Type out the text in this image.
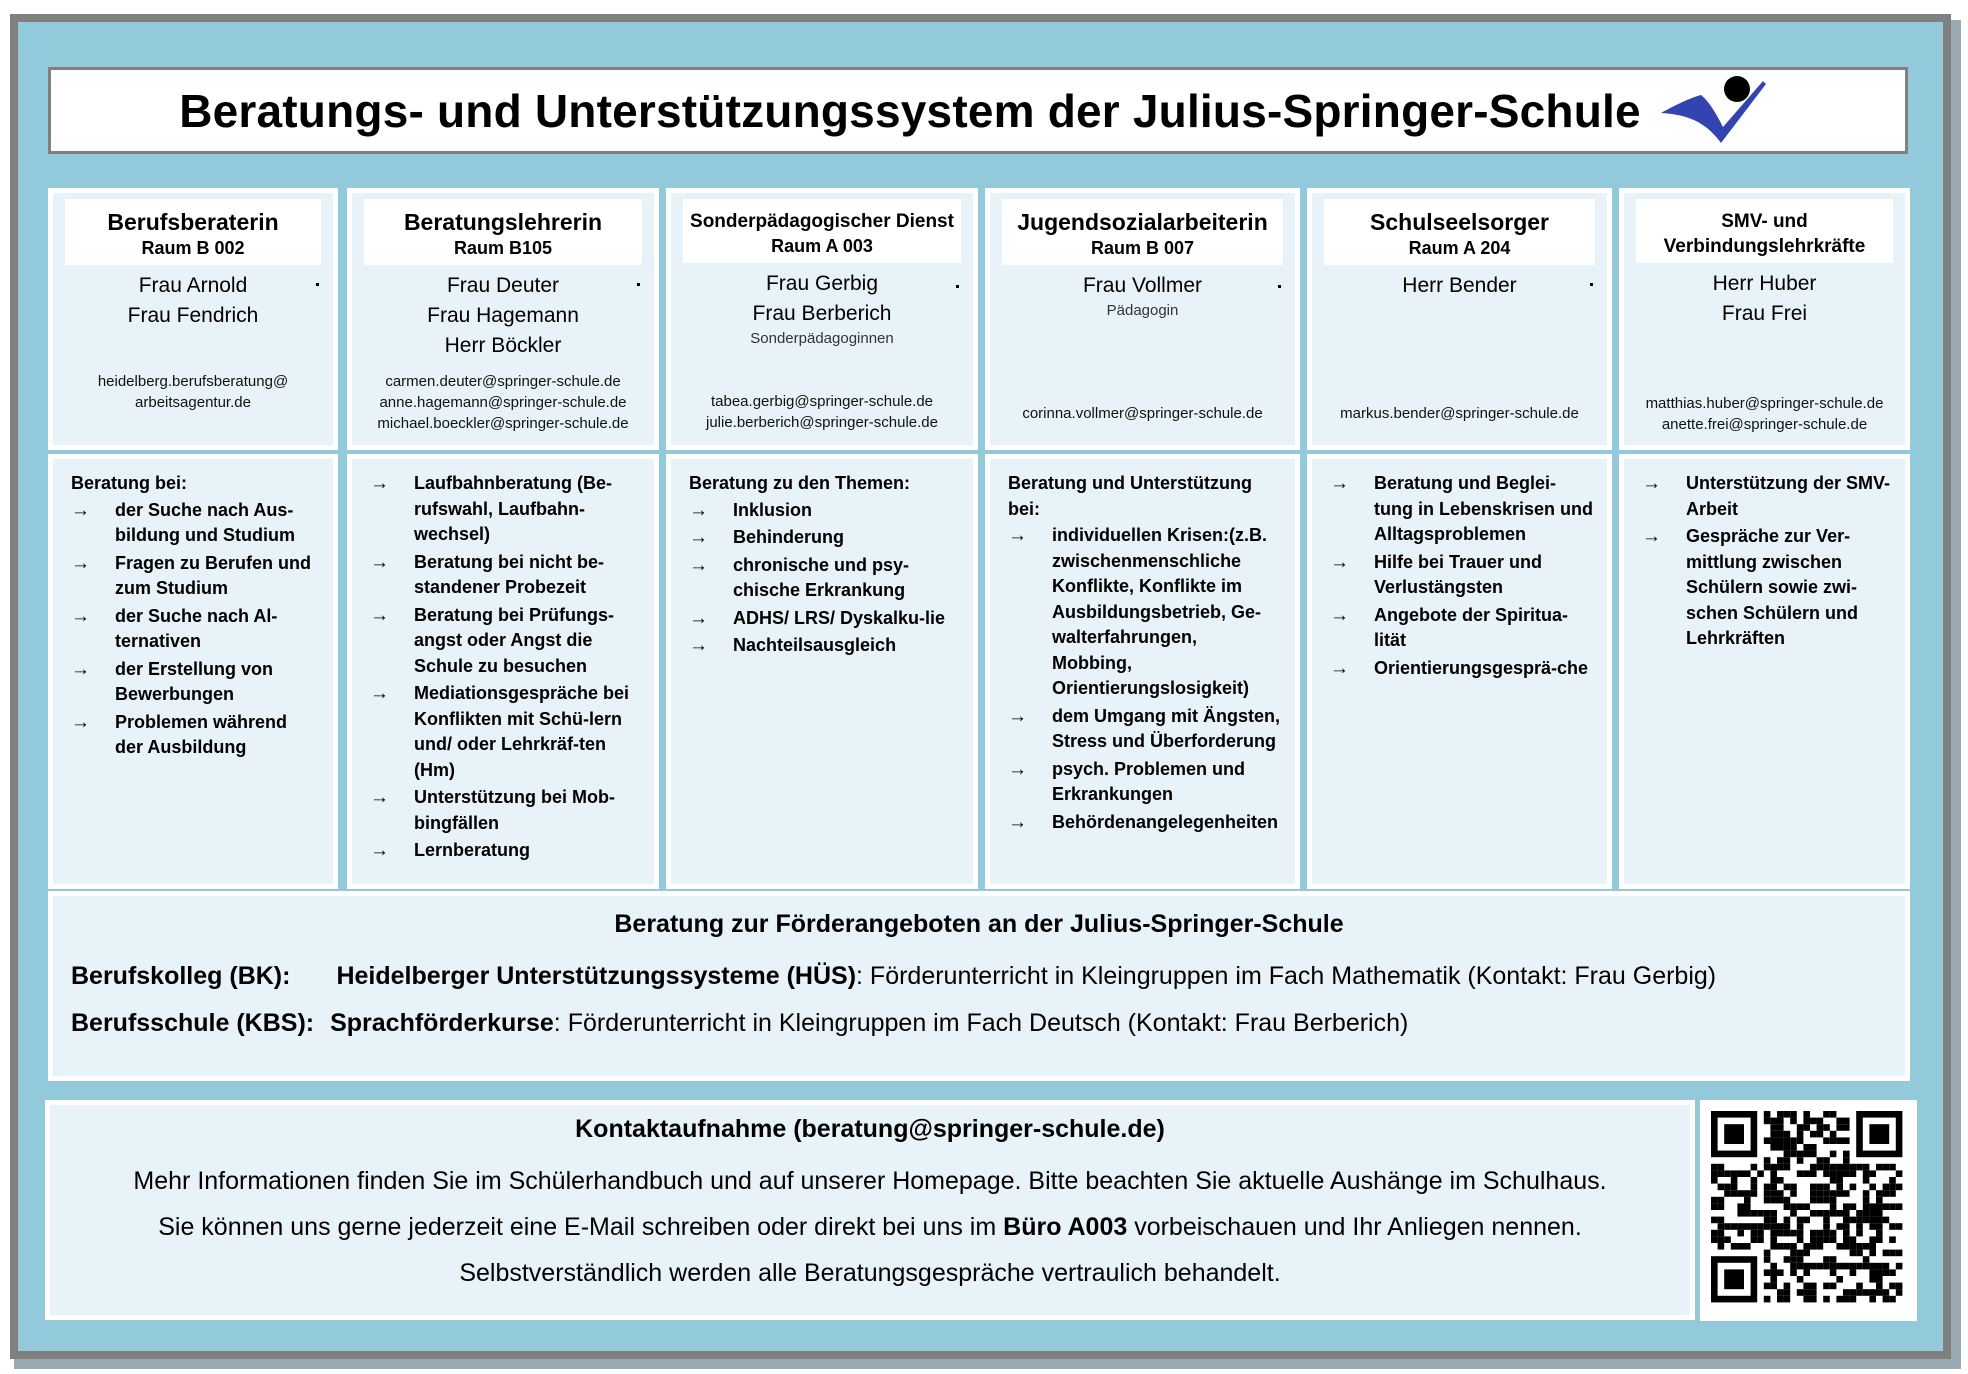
Beratungs- und Unterstützungssystem der Julius-Springer-Schule
Berufsberaterin
Raum B 002
Frau Arnold
Frau Fendrich
heidelberg.berufsberatung@
arbeitsagentur.de
Beratung bei:
→	der Suche nach Aus-bildung und Studium
→	Fragen zu Berufen und zum Studium
→	der Suche nach Al-ternativen
→	der Erstellung von Bewerbungen
→	Problemen während der Ausbildung
Beratungslehrerin
Raum B105
Frau Deuter
Frau Hagemann
Herr Böckler
carmen.deuter@springer-schule.de
anne.hagemann@springer-schule.de
michael.boeckler@springer-schule.de
→	Laufbahnberatung (Be-rufswahl, Laufbahn-wechsel)
→	Beratung bei nicht be-standener Probezeit
→	Beratung bei Prüfungs-angst oder Angst die Schule zu besuchen
→	Mediationsgespräche bei Konflikten mit Schü-lern und/ oder Lehrkräf-ten (Hm)
→	Unterstützung bei Mob-bingfällen
→	Lernberatung
Sonderpädagogischer Dienst
Raum A 003
Frau Gerbig
Frau Berberich
Sonderpädagoginnen
tabea.gerbig@springer-schule.de
julie.berberich@springer-schule.de
Beratung zu den Themen:
→	Inklusion
→	Behinderung
→	chronische und psy-chische Erkrankung
→	ADHS/ LRS/ Dyskalku-lie
→	Nachteilsausgleich
Jugendsozialarbeiterin
Raum B 007
Frau Vollmer
Pädagogin
corinna.vollmer@springer-schule.de
Beratung und Unterstützung bei:
→	individuellen Krisen:(z.B. zwischenmenschliche Konflikte, Konflikte im Ausbildungsbetrieb, Ge-walterfahrungen, Mobbing, Orientierungslosigkeit)
→	dem Umgang mit Ängsten, Stress und Überforderung
→	psych. Problemen und Erkrankungen
→	Behördenangelegenheiten
Schulseelsorger
Raum A 204
Herr Bender
markus.bender@springer-schule.de
→	Beratung und Beglei-tung in Lebenskrisen und Alltagsproblemen
→	Hilfe bei Trauer und Verlustängsten
→	Angebote der Spiritua-lität
→	Orientierungsgesprä-che
SMV- und Verbindungslehrkräfte
Herr Huber
Frau Frei
matthias.huber@springer-schule.de
anette.frei@springer-schule.de
→	Unterstützung der SMV-Arbeit
→	Gespräche zur Ver-mittlung zwischen Schülern sowie zwi-schen Schülern und Lehrkräften
Beratung zur Förderangeboten an der Julius-Springer-Schule
Berufskolleg (BK): Heidelberger Unterstützungssysteme (HÜS): Förderunterricht in Kleingruppen im Fach Mathematik (Kontakt: Frau Gerbig)
Berufsschule (KBS): Sprachförderkurse: Förderunterricht in Kleingruppen im Fach Deutsch (Kontakt: Frau Berberich)
Kontaktaufnahme (beratung@springer-schule.de)
Mehr Informationen finden Sie im Schülerhandbuch und auf unserer Homepage. Bitte beachten Sie aktuelle Aushänge im Schulhaus.
Sie können uns gerne jederzeit eine E-Mail schreiben oder direkt bei uns im Büro A003 vorbeischauen und Ihr Anliegen nennen.
Selbstverständlich werden alle Beratungsgespräche vertraulich behandelt.
